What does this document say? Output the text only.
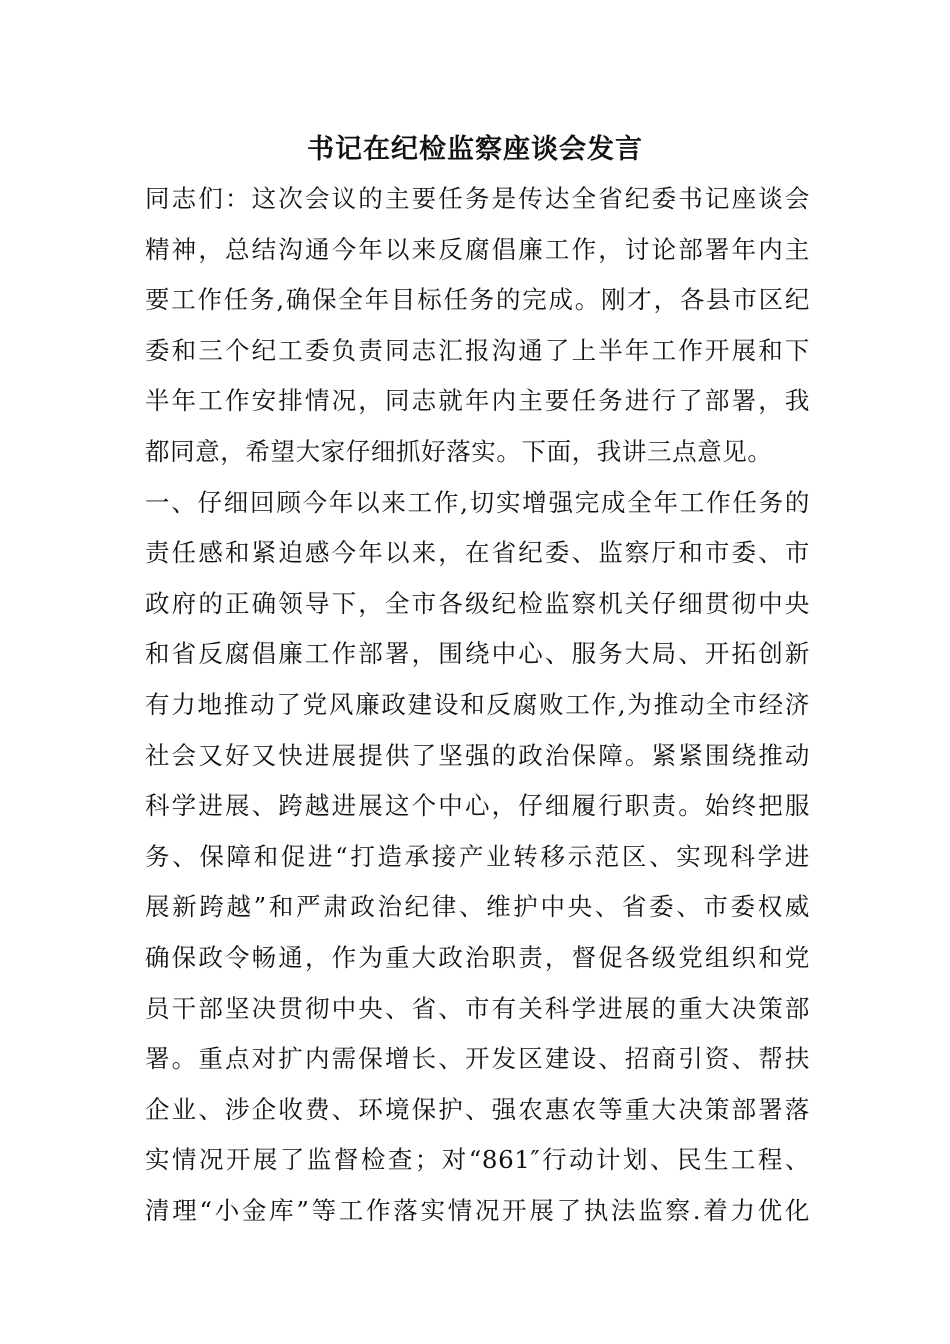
书记在纪检监察座谈会发言
同志们：这次会议的主要任务是传达全省纪委书记座谈会
精神，总结沟通今年以来反腐倡廉工作，讨论部署年内主
要工作任务,确保全年目标任务的完成。刚才，各县市区纪
委和三个纪工委负责同志汇报沟通了上半年工作开展和下
半年工作安排情况，同志就年内主要任务进行了部署，我
都同意，希望大家仔细抓好落实。下面，我讲三点意见。
一、仔细回顾今年以来工作,切实增强完成全年工作任务的
责任感和紧迫感今年以来，在省纪委、监察厅和市委、市
政府的正确领导下，全市各级纪检监察机关仔细贯彻中央
和省反腐倡廉工作部署，围绕中心、服务大局、开拓创新
有力地推动了党风廉政建设和反腐败工作,为推动全市经济
社会又好又快进展提供了坚强的政治保障。紧紧围绕推动
科学进展、跨越进展这个中心，仔细履行职责。始终把服
务、保障和促进“打造承接产业转移示范区、实现科学进
展新跨越”和严肃政治纪律、维护中央、省委、市委权威
确保政令畅通，作为重大政治职责，督促各级党组织和党
员干部坚决贯彻中央、省、市有关科学进展的重大决策部
署。重点对扩内需保增长、开发区建设、招商引资、帮扶
企业、涉企收费、环境保护、强农惠农等重大决策部署落
实情况开展了监督检查；对“861″行动计划、民生工程、
清理“小金库”等工作落实情况开展了执法监察.着力优化
